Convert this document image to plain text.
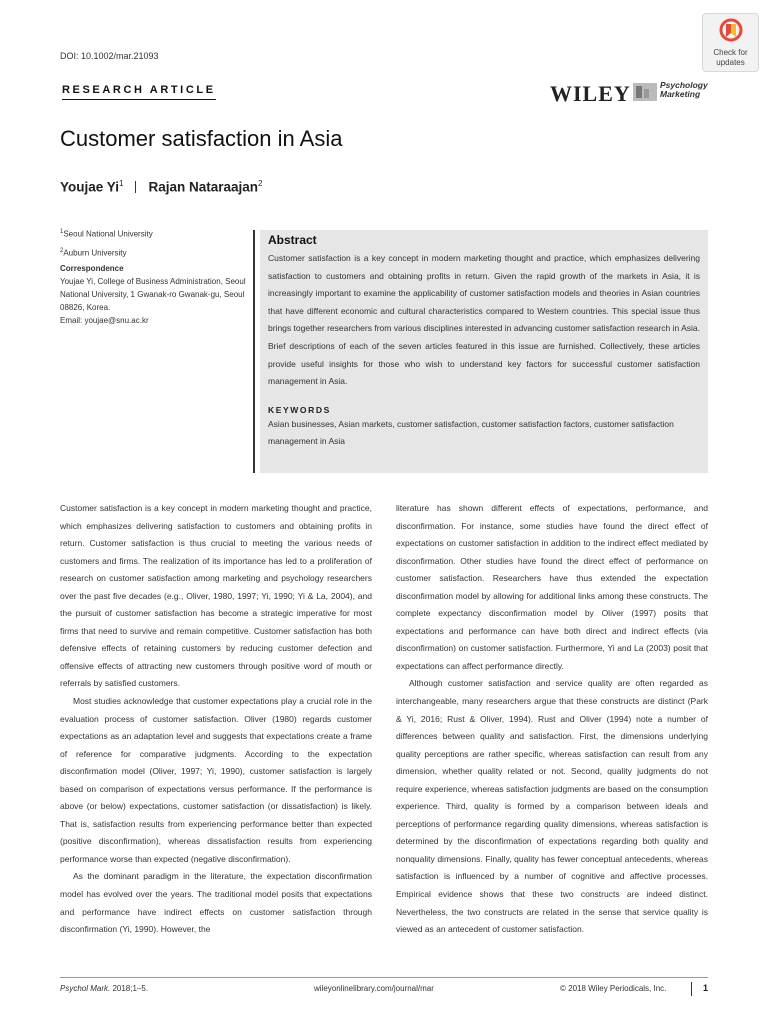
DOI: 10.1002/mar.21093	Check for
updates
RESEARCH ARTICLE	WILEY	Psychology
Marketing
Customer satisfaction in Asia
Youjae Yi$^1$ Rajan Nataraajan$^2$

$^1$Seoul National University

$^2$Auburn University

Correspondence

Youjae Yi, College of Business Administration, Seoul National University, 1 Gwanak-ro Gwanak-gu, Seoul 08826, Korea.

Email: youjae@snu.ac.kr

Abstract

Customer satisfaction is a key concept in modern marketing thought and practice, which emphasizes delivering satisfaction to customers and obtaining profits in return. Given the rapid growth of the markets in Asia, it is increasingly important to examine the applicability of customer satisfaction models and theories in Asian countries that have different economic and cultural characteristics compared to Western countries. This special issue thus brings together researchers from various disciplines interested in advancing customer satisfaction research in Asia. Brief descriptions of each of the seven articles featured in this issue are furnished. Collectively, these articles provide useful insights for those who wish to understand key factors for successful customer satisfaction management in Asia.

KEYWORDS

Asian businesses, Asian markets, customer satisfaction, customer satisfaction factors, customer satisfaction management in Asia

Customer satisfaction is a key concept in modern marketing thought and practice, which emphasizes delivering satisfaction to customers and obtaining profits in return. Customer satisfaction is thus crucial to meeting the various needs of customers and firms. The realization of its importance has led to a proliferation of research on customer satisfaction among marketing and psychology researchers over the past five decades (e.g., Oliver, 1980, 1997; Yi, 1990; Yi & La, 2004), and the pursuit of customer satisfaction has become a strategic imperative for most firms that need to survive and remain competitive. Customer satisfaction has both defensive effects of retaining customers by reducing customer defection and offensive effects of attracting new customers through positive word of mouth or referrals by satisfied customers.

Most studies acknowledge that customer expectations play a crucial role in the evaluation process of customer satisfaction. Oliver (1980) regards customer expectations as an adaptation level and suggests that expectations create a frame of reference for comparative judgments. According to the expectation disconfirmation model (Oliver, 1997; Yi, 1990), customer satisfaction is largely based on comparison of expectations versus performance. If the performance is above (or below) expectations, customer satisfaction (or dissatisfaction) is likely. That is, satisfaction results from experiencing performance better than expected (positive disconfirmation), whereas dissatisfaction results from experiencing performance worse than expected (negative disconfirmation).

As the dominant paradigm in the literature, the expectation disconfirmation model has evolved over the years. The traditional model posits that expectations and performance have indirect effects on customer satisfaction through disconfirmation (Yi, 1990). However, the

literature has shown different effects of expectations, performance, and disconfirmation. For instance, some studies have found the direct effect of expectations on customer satisfaction in addition to the indirect effect mediated by disconfirmation. Other studies have found the direct effect of performance on customer satisfaction. Researchers have thus extended the expectation disconfirmation model by allowing for additional links among these constructs. The complete expectancy disconfirmation model by Oliver (1997) posits that expectations and performance can have both direct and indirect effects (via disconfirmation) on customer satisfaction. Furthermore, Yi and La (2003) posit that expectations can affect performance directly.

Although customer satisfaction and service quality are often regarded as interchangeable, many researchers argue that these constructs are distinct (Park & Yi, 2016; Rust & Oliver, 1994). Rust and Oliver (1994) note a number of differences between quality and satisfaction. First, the dimensions underlying quality perceptions are rather specific, whereas satisfaction can result from any dimension, whether quality related or not. Second, quality judgments do not require experience, whereas satisfaction judgments are based on the consumption experience. Third, quality is formed by a comparison between ideals and perceptions of performance regarding quality dimensions, whereas satisfaction is determined by the disconfirmation of expectations regarding both quality and nonquality dimensions. Finally, quality has fewer conceptual antecedents, whereas satisfaction is influenced by a number of cognitive and affective processes. Empirical evidence shows that these two constructs are indeed distinct. Nevertheless, the two constructs are related in the sense that service quality is viewed as an antecedent of customer satisfaction.

Psychol Mark. 2018;1–5.	wileyonlinelibrary.com/journal/mar	© 2018 Wiley Periodicals, Inc.	1
